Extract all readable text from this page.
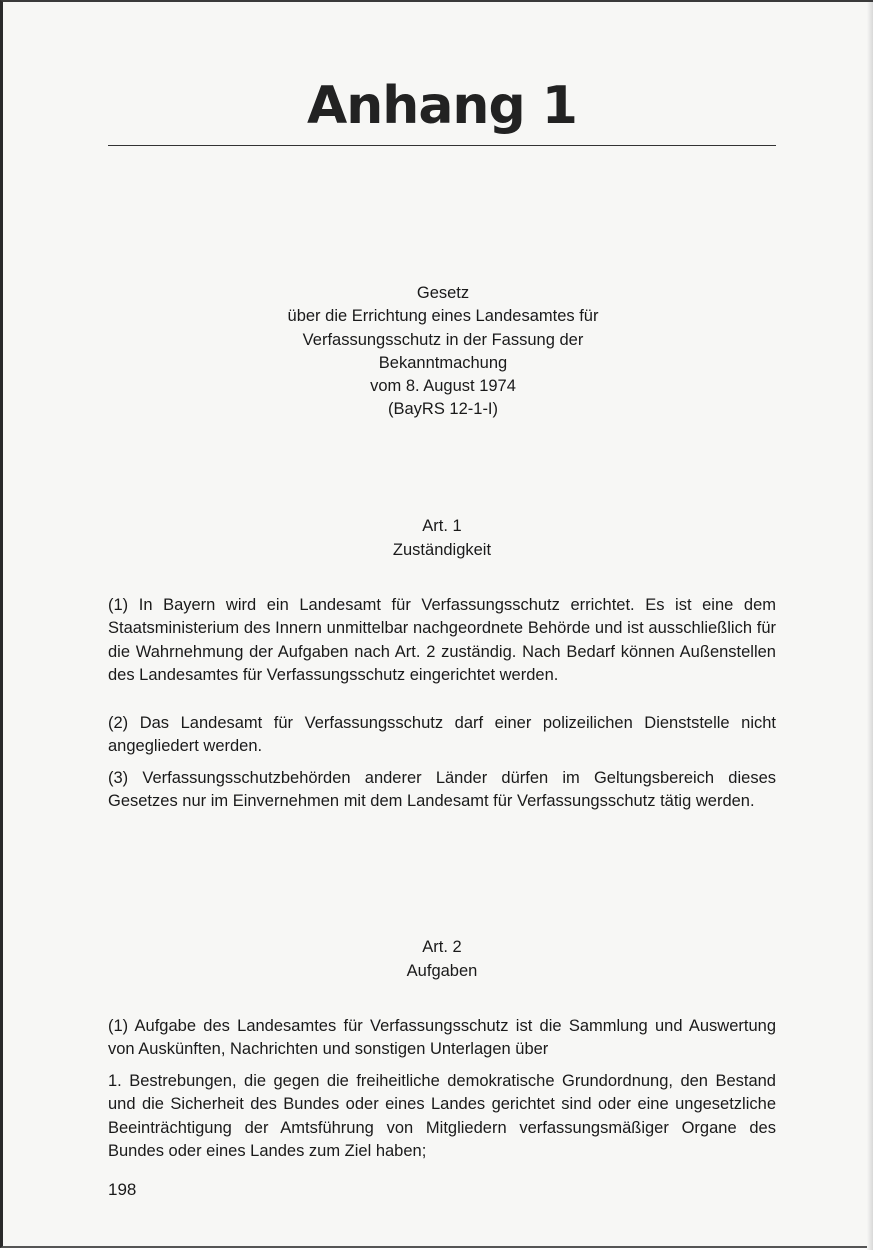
Anhang 1
Gesetz
über die Errichtung eines Landesamtes für
Verfassungsschutz in der Fassung der
Bekanntmachung
vom 8. August 1974
(BayRS 12-1-I)
Art. 1
Zuständigkeit

(1) In Bayern wird ein Landesamt für Verfassungsschutz errichtet. Es ist eine dem Staatsministerium des Innern unmittelbar nachgeordnete Behörde und ist ausschließlich für die Wahrnehmung der Aufgaben nach Art. 2 zuständig. Nach Bedarf können Außenstellen des Landesamtes für Verfassungsschutz eingerichtet werden.

(2) Das Landesamt für Verfassungsschutz darf einer polizeilichen Dienststelle nicht angegliedert werden.

(3) Verfassungsschutzbehörden anderer Länder dürfen im Geltungsbereich dieses Gesetzes nur im Einvernehmen mit dem Landesamt für Verfassungsschutz tätig werden.

Art. 2
Aufgaben

(1) Aufgabe des Landesamtes für Verfassungsschutz ist die Sammlung und Auswertung von Auskünften, Nachrichten und sonstigen Unterlagen über

1. Bestrebungen, die gegen die freiheitliche demokratische Grundordnung, den Bestand und die Sicherheit des Bundes oder eines Landes gerichtet sind oder eine ungesetzliche Beeinträchtigung der Amtsführung von Mitgliedern verfassungsmäßiger Organe des Bundes oder eines Landes zum Ziel haben;

198
